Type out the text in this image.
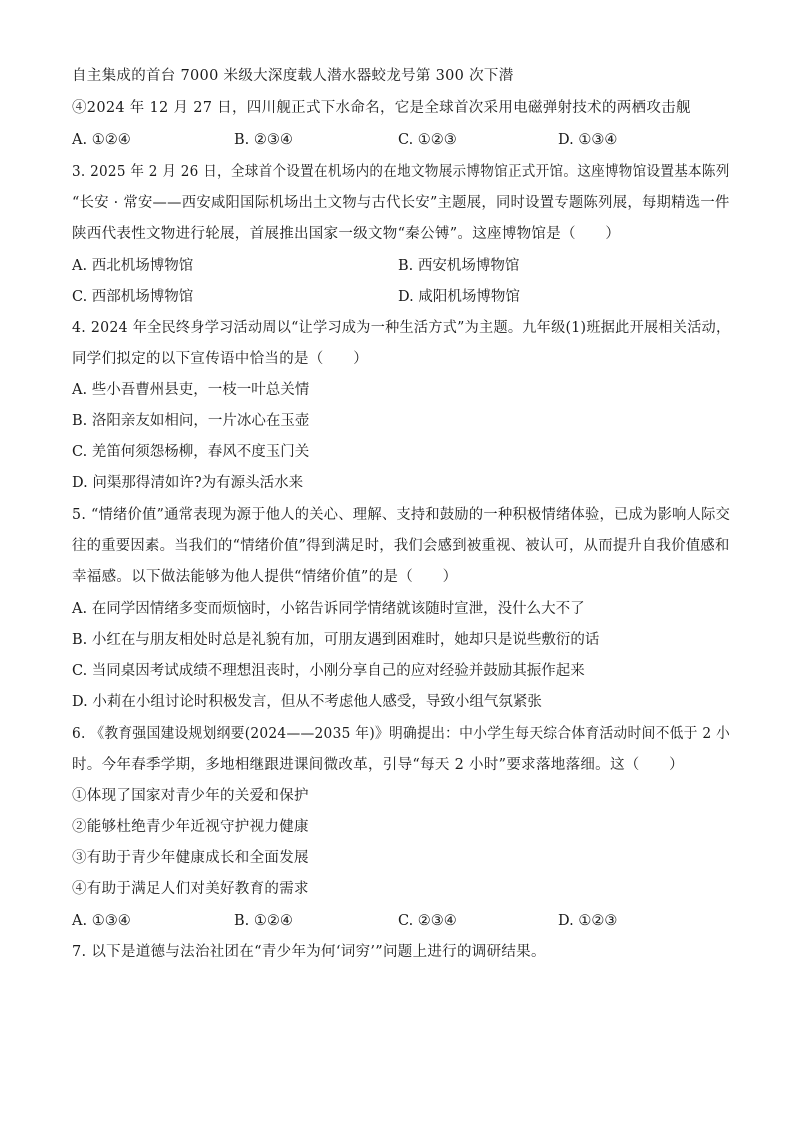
自主集成的首台 7000 米级大深度载人潜水器蛟龙号第 300 次下潜
④2024 年 12 月 27 日，四川舰正式下水命名，它是全球首次采用电磁弹射技术的两栖攻击舰
A. ①②④	B. ②③④	C. ①②③	D. ①③④
3. 2025 年 2 月 26 日，全球首个设置在机场内的在地文物展示博物馆正式开馆。这座博物馆设置基本陈列
“长安 · 常安——西安咸阳国际机场出土文物与古代长安”主题展，同时设置专题陈列展，每期精选一件
陕西代表性文物进行轮展，首展推出国家一级文物“秦公镈”。这座博物馆是（　　）
A. 西北机场博物馆	B. 西安机场博物馆
C. 西部机场博物馆	D. 咸阳机场博物馆
4. 2024 年全民终身学习活动周以“让学习成为一种生活方式”为主题。九年级(1)班据此开展相关活动，
同学们拟定的以下宣传语中恰当的是（　　）
A. 些小吾曹州县吏，一枝一叶总关情
B. 洛阳亲友如相问，一片冰心在玉壶
C. 羌笛何须怨杨柳，春风不度玉门关
D. 问渠那得清如许?为有源头活水来
5. “情绪价值”通常表现为源于他人的关心、理解、支持和鼓励的一种积极情绪体验，已成为影响人际交
往的重要因素。当我们的“情绪价值”得到满足时，我们会感到被重视、被认可，从而提升自我价值感和
幸福感。以下做法能够为他人提供“情绪价值”的是（　　）
A. 在同学因情绪多变而烦恼时，小铭告诉同学情绪就该随时宣泄，没什么大不了
B. 小红在与朋友相处时总是礼貌有加，可朋友遇到困难时，她却只是说些敷衍的话
C. 当同桌因考试成绩不理想沮丧时，小刚分享自己的应对经验并鼓励其振作起来
D. 小莉在小组讨论时积极发言，但从不考虑他人感受，导致小组气氛紧张
6. 《教育强国建设规划纲要(2024——2035 年)》明确提出：中小学生每天综合体育活动时间不低于 2 小
时。今年春季学期，多地相继跟进课间微改革，引导“每天 2 小时”要求落地落细。这（　　）
①体现了国家对青少年的关爱和保护
②能够杜绝青少年近视守护视力健康
③有助于青少年健康成长和全面发展
④有助于满足人们对美好教育的需求
A. ①③④	B. ①②④	C. ②③④	D. ①②③
7. 以下是道德与法治社团在“青少年为何‘词穷’”问题上进行的调研结果。
